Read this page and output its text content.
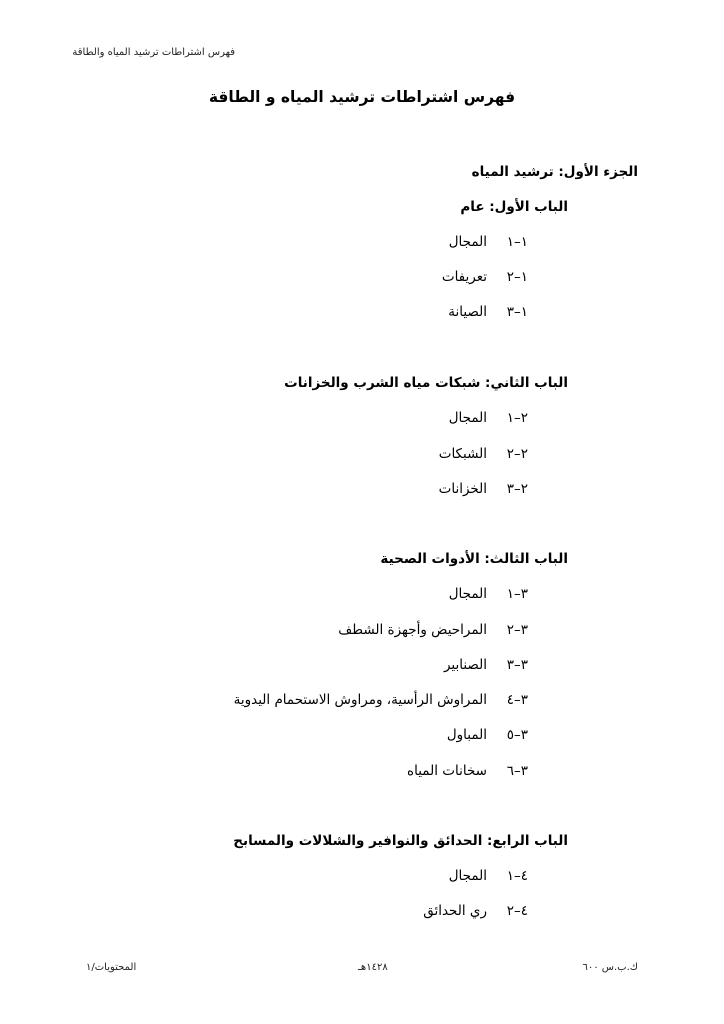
فهرس اشتراطات ترشيد المياه والطاقة
فهرس اشتراطات ترشيد المياه و الطاقة
الجزء الأول: ترشيد المياه
الباب الأول: عام
١–١
المجال
١–٢
تعريفات
١–٣
الصيانة
الباب الثاني: شبكات مياه الشرب والخزانات
٢–١
المجال
٢–٢
الشبكات
٢–٣
الخزانات
الباب الثالث: الأدوات الصحية
٣–١
المجال
٣–٢
المراحيض وأجهزة الشطف
٣–٣
الصنابير
٣–٤
المراوش الرأسية، ومراوش الاستحمام اليدوية
٣–٥
المباول
٣–٦
سخانات المياه
الباب الرابع: الحدائق والنوافير والشلالات والمسابح
٤–١
المجال
٤–٢
ري الحدائق
المحتويات/١	١٤٢٨هـ	ك.ب.س ٦٠٠
